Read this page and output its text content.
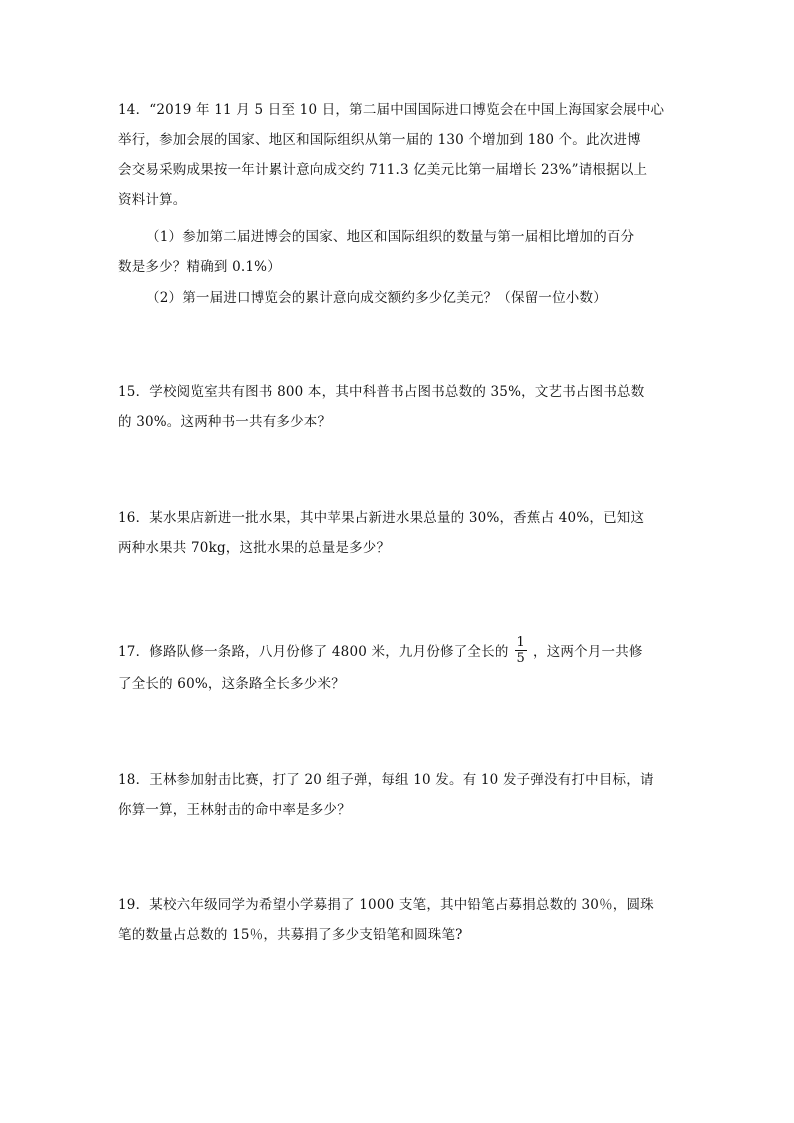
14．“2019 年 11 月 5 日至 10 日，第二届中国国际进口博览会在中国上海国家会展中心
举行，参加会展的国家、地区和国际组织从第一届的 130 个增加到 180 个。此次进博
会交易采购成果按一年计累计意向成交约 711.3 亿美元比第一届增长 23%”请根据以上
资料计算。
（1）参加第二届进博会的国家、地区和国际组织的数量与第一届相比增加的百分
数是多少？精确到 0.1%）
（2）第一届进口博览会的累计意向成交额约多少亿美元？（保留一位小数）
15．学校阅览室共有图书 800 本，其中科普书占图书总数的 35%，文艺书占图书总数
的 30%。这两种书一共有多少本？
16．某水果店新进一批水果，其中苹果占新进水果总量的 30%，香蕉占 40%，已知这
两种水果共 70kg，这批水果的总量是多少？
17．修路队修一条路，八月份修了 4800 米，九月份修了全长的 $\frac{1}{5}$ ，这两个月一共修
了全长的 60%，这条路全长多少米？
18．王林参加射击比赛，打了 20 组子弹，每组 10 发。有 10 发子弹没有打中目标，请
你算一算，王林射击的命中率是多少？
19．某校六年级同学为希望小学募捐了 1000 支笔，其中铅笔占募捐总数的 30％，圆珠
笔的数量占总数的 15％，共募捐了多少支铅笔和圆珠笔?
